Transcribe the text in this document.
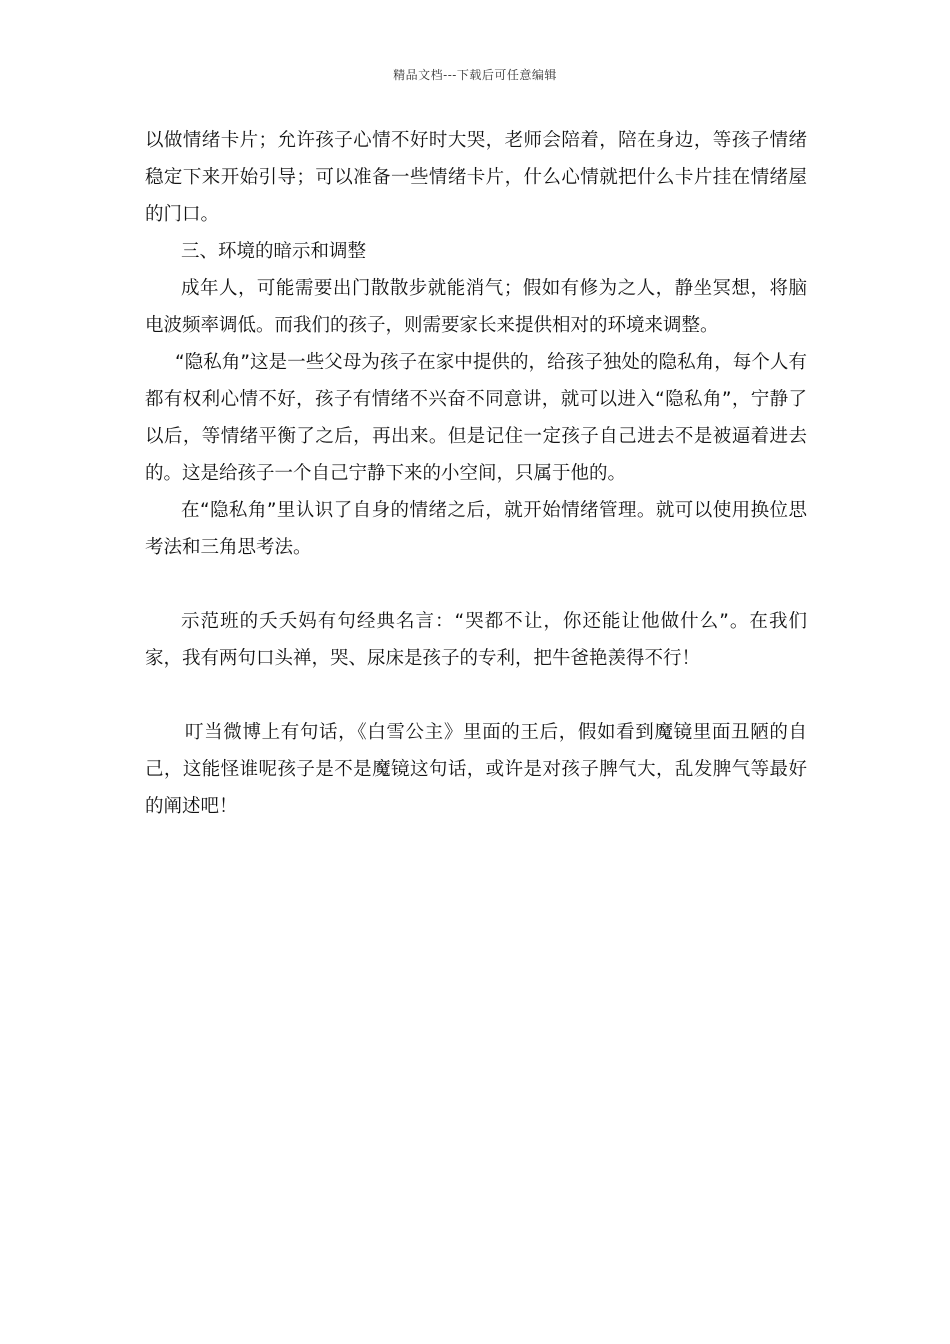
精品文档---下载后可任意编辑

以做情绪卡片；允许孩子心情不好时大哭，老师会陪着，陪在身边，等孩子情绪稳定下来开始引导；可以准备一些情绪卡片，什么心情就把什么卡片挂在情绪屋的门口。

三、环境的暗示和调整

成年人，可能需要出门散散步就能消气；假如有修为之人，静坐冥想，将脑电波频率调低。而我们的孩子，则需要家长来提供相对的环境来调整。

“隐私角”这是一些父母为孩子在家中提供的，给孩子独处的隐私角，每个人有都有权利心情不好，孩子有情绪不兴奋不同意讲，就可以进入“隐私角”，宁静了以后，等情绪平衡了之后，再出来。但是记住一定孩子自己进去不是被逼着进去的。这是给孩子一个自己宁静下来的小空间，只属于他的。

在“隐私角”里认识了自身的情绪之后，就开始情绪管理。就可以使用换位思考法和三角思考法。

示范班的夭夭妈有句经典名言：“哭都不让，你还能让他做什么”。在我们家，我有两句口头禅，哭、尿床是孩子的专利，把牛爸艳羡得不行！

叮当微博上有句话，《白雪公主》里面的王后，假如看到魔镜里面丑陋的自己，这能怪谁呢孩子是不是魔镜这句话，或许是对孩子脾气大，乱发脾气等最好的阐述吧！
